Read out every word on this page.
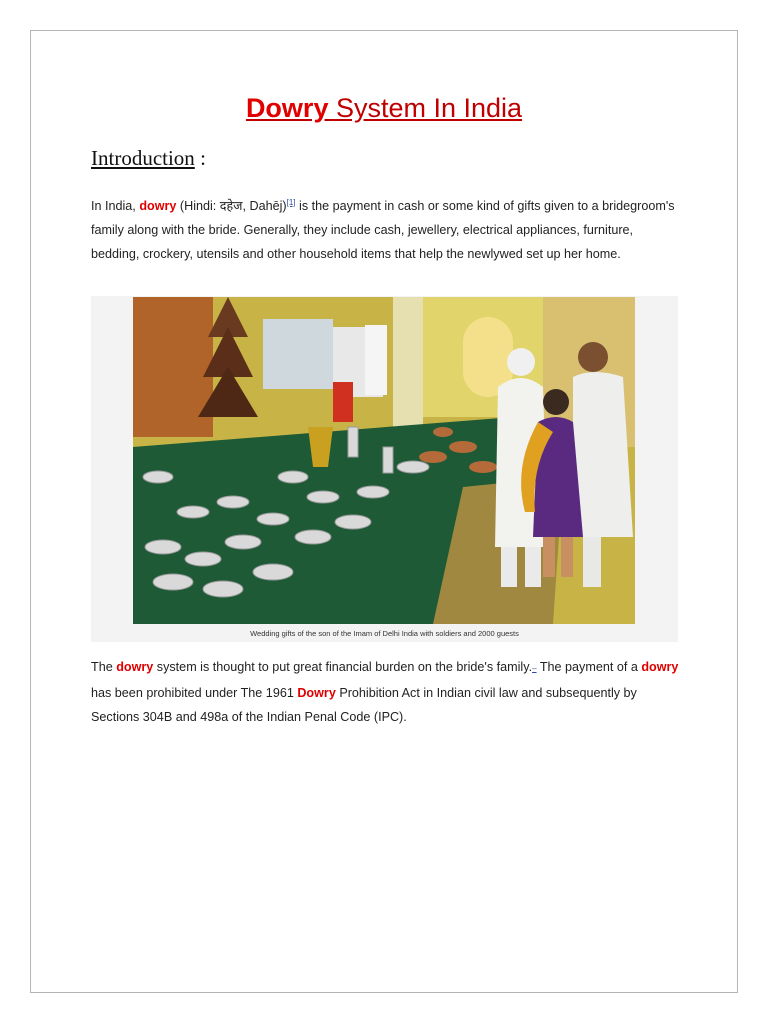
Dowry System In India
Introduction :
In India, dowry (Hindi: दहेज, Dahēj)[1] is the payment in cash or some kind of gifts given to a bridegroom's family along with the bride. Generally, they include cash, jewellery, electrical appliances, furniture, bedding, crockery, utensils and other household items that help the newlywed set up her home.
Wedding gifts of the son of the Imam of Delhi India with soldiers and 2000 guests
The dowry system is thought to put great financial burden on the bride's family.– The payment of a dowry has been prohibited under The 1961 Dowry Prohibition Act in Indian civil law and subsequently by Sections 304B and 498a of the Indian Penal Code (IPC).
